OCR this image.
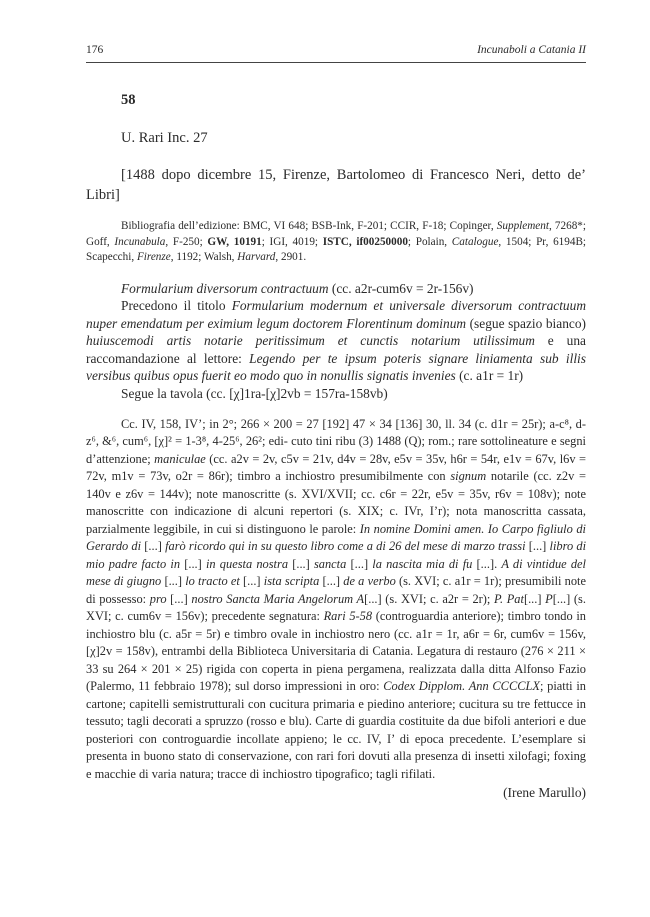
176	Incunaboli a Catania II
58
U. Rari Inc. 27

[1488 dopo dicembre 15, Firenze, Bartolomeo di Francesco Neri, detto de’ Libri]

Bibliografia dell’edizione: BMC, VI 648; BSB-Ink, F-201; CCIR, F-18; Copinger, Supplement, 7268*; Goff, Incunabula, F-250; GW, 10191; IGI, 4019; ISTC, if00250000; Polain, Catalogue, 1504; Pr, 6194B; Scapecchi, Firenze, 1192; Walsh, Harvard, 2901.

Formularium diversorum contractuum (cc. a2r-cum6v = 2r-156v)

Precedono il titolo Formularium modernum et universale diversorum contractuum nuper emendatum per eximium legum doctorem Florentinum dominum (segue spazio bianco) huiuscemodi artis notarie peritissimum et cunctis notarium utilissimum e una raccomandazione al lettore: Legendo per te ipsum poteris signare liniamenta sub illis versibus quibus opus fuerit eo modo quo in nonullis signatis invenies (c. a1r = 1r)

Segue la tavola (cc. [χ]1ra-[χ]2vb = 157ra-158vb)

Cc. IV, 158, IV’; in 2°; 266 × 200 = 27 [192] 47 × 34 [136] 30, ll. 34 (c. d1r = 25r); a-c⁸, d-z⁶, &⁶, cum⁶, [χ]² = 1-3⁸, 4-25⁶, 26²; edi- cuto tini ribu (3) 1488 (Q); rom.; rare sottolineature e segni d’attenzione; maniculae (cc. a2v = 2v, c5v = 21v, d4v = 28v, e5v = 35v, h6r = 54r, e1v = 67v, l6v = 72v, m1v = 73v, o2r = 86r); timbro a inchiostro presumibilmente con signum notarile (cc. z2v = 140v e z6v = 144v); note manoscritte (s. XVI/XVII; cc. c6r = 22r, e5v = 35v, r6v = 108v); note manoscritte con indicazione di alcuni repertori (s. XIX; c. IVr, I’r); nota manoscritta cassata, parzialmente leggibile, in cui si distinguono le parole: In nomine Domini amen. Io Carpo figliulo di Gerardo di [...] farò ricordo qui in su questo libro come a di 26 del mese di marzo trassi [...] libro di mio padre facto in [...] in questa nostra [...] sancta [...] la nascita mia di fu [...]. A di vintidue del mese di giugno [...] lo tracto et [...] ista scripta [...] de a verbo (s. XVI; c. a1r = 1r); presumibili note di possesso: pro [...] nostro Sancta Maria Angelorum A[...] (s. XVI; c. a2r = 2r); P. Pat[...] P[...] (s. XVI; c. cum6v = 156v); precedente segnatura: Rari 5-58 (controguardia anteriore); timbro tondo in inchiostro blu (c. a5r = 5r) e timbro ovale in inchiostro nero (cc. a1r = 1r, a6r = 6r, cum6v = 156v, [χ]2v = 158v), entrambi della Biblioteca Universitaria di Catania. Legatura di restauro (276 × 211 × 33 su 264 × 201 × 25) rigida con coperta in piena pergamena, realizzata dalla ditta Alfonso Fazio (Palermo, 11 febbraio 1978); sul dorso impressioni in oro: Codex Dipplom. Ann CCCCLX; piatti in cartone; capitelli semistrutturali con cucitura primaria e piedino anteriore; cucitura su tre fettucce in tessuto; tagli decorati a spruzzo (rosso e blu). Carte di guardia costituite da due bifoli anteriori e due posteriori con controguardie incollate appieno; le cc. IV, I’ di epoca precedente. L’esemplare si presenta in buono stato di conservazione, con rari fori dovuti alla presenza di insetti xilofagi; foxing e macchie di varia natura; tracce di inchiostro tipografico; tagli rifilati.

(Irene Marullo)
